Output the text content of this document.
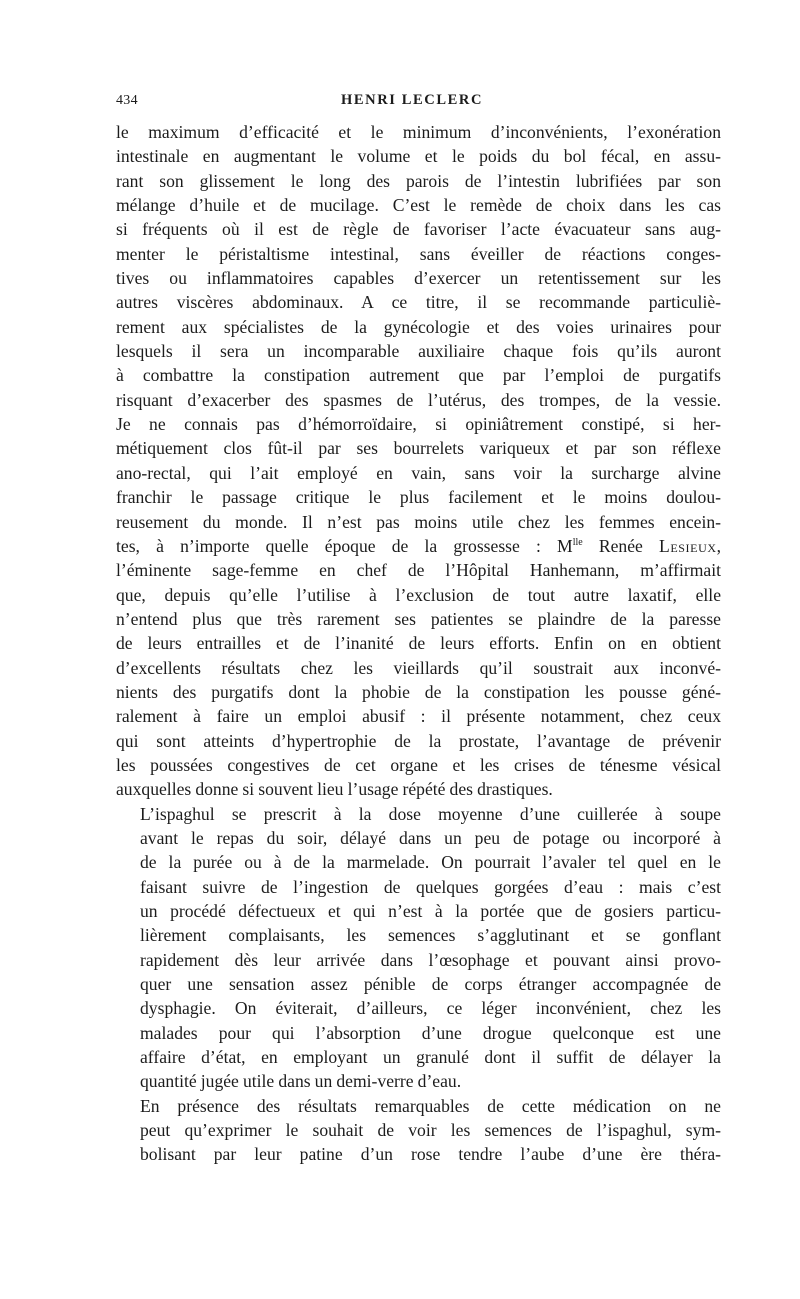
434	HENRI LECLERC

le maximum d’efficacité et le minimum d’inconvénients, l’exonération
intestinale en augmentant le volume et le poids du bol fécal, en assu-
rant son glissement le long des parois de l’intestin lubrifiées par son
mélange d’huile et de mucilage. C’est le remède de choix dans les cas
si fréquents où il est de règle de favoriser l’acte évacuateur sans aug-
menter le péristaltisme intestinal, sans éveiller de réactions conges-
tives ou inflammatoires capables d’exercer un retentissement sur les
autres viscères abdominaux. A ce titre, il se recommande particuliè-
rement aux spécialistes de la gynécologie et des voies urinaires pour
lesquels il sera un incomparable auxiliaire chaque fois qu’ils auront
à combattre la constipation autrement que par l’emploi de purgatifs
risquant d’exacerber des spasmes de l’utérus, des trompes, de la vessie.
Je ne connais pas d’hémorroïdaire, si opiniâtrement constipé, si her-
métiquement clos fût-il par ses bourrelets variqueux et par son réflexe
ano-rectal, qui l’ait employé en vain, sans voir la surcharge alvine
franchir le passage critique le plus facilement et le moins doulou-
reusement du monde. Il n’est pas moins utile chez les femmes encein-
tes, à n’importe quelle époque de la grossesse : $M^{lle}$ Renée Lesieux,
l’éminente sage-femme en chef de l’Hôpital Hanhemann, m’affirmait
que, depuis qu’elle l’utilise à l’exclusion de tout autre laxatif, elle
n’entend plus que très rarement ses patientes se plaindre de la paresse
de leurs entrailles et de l’inanité de leurs efforts. Enfin on en obtient
d’excellents résultats chez les vieillards qu’il soustrait aux inconvé-
nients des purgatifs dont la phobie de la constipation les pousse géné-
ralement à faire un emploi abusif : il présente notamment, chez ceux
qui sont atteints d’hypertrophie de la prostate, l’avantage de prévenir
les poussées congestives de cet organe et les crises de ténesme vésical
auxquelles donne si souvent lieu l’usage répété des drastiques.

L’ispaghul se prescrit à la dose moyenne d’une cuillerée à soupe
avant le repas du soir, délayé dans un peu de potage ou incorporé à
de la purée ou à de la marmelade. On pourrait l’avaler tel quel en le
faisant suivre de l’ingestion de quelques gorgées d’eau : mais c’est
un procédé défectueux et qui n’est à la portée que de gosiers particu-
lièrement complaisants, les semences s’agglutinant et se gonflant
rapidement dès leur arrivée dans l’œsophage et pouvant ainsi provo-
quer une sensation assez pénible de corps étranger accompagnée de
dysphagie. On éviterait, d’ailleurs, ce léger inconvénient, chez les
malades pour qui l’absorption d’une drogue quelconque est une
affaire d’état, en employant un granulé dont il suffit de délayer la
quantité jugée utile dans un demi-verre d’eau.

En présence des résultats remarquables de cette médication on ne
peut qu’exprimer le souhait de voir les semences de l’ispaghul, sym-
bolisant par leur patine d’un rose tendre l’aube d’une ère théra-
